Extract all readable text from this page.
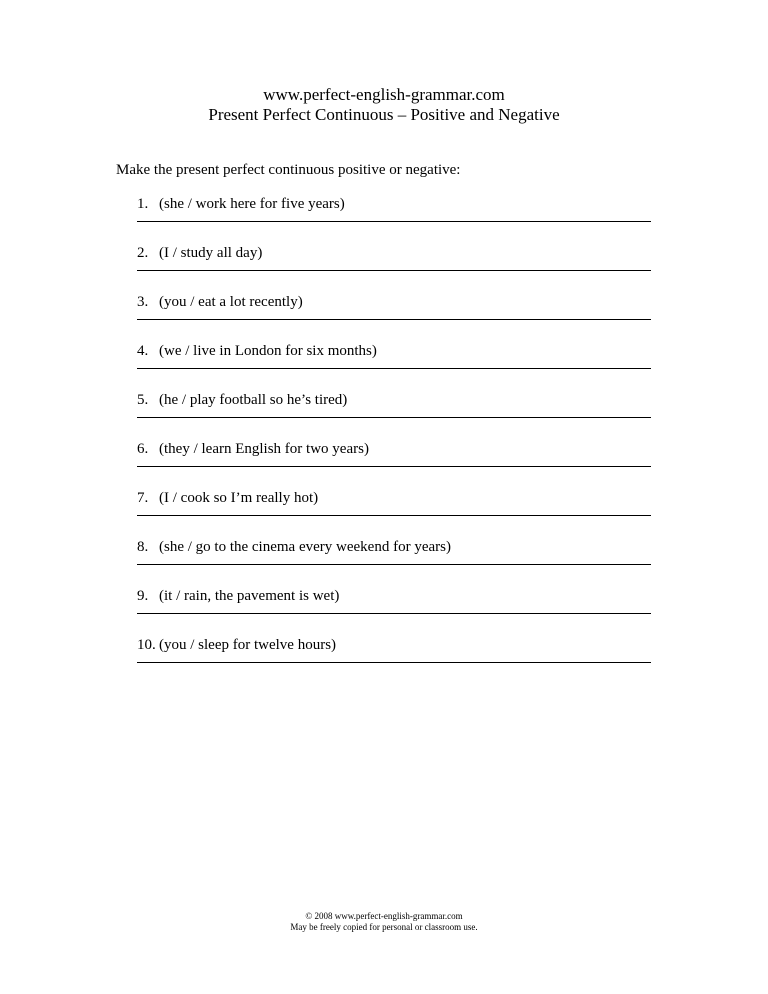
www.perfect-english-grammar.com
Present Perfect Continuous – Positive and Negative
Make the present perfect continuous positive or negative:
1. (she / work here for five years)
2. (I / study all day)
3. (you / eat a lot recently)
4. (we / live in London for six months)
5. (he / play football so he’s tired)
6. (they / learn English for two years)
7. (I / cook so I’m really hot)
8. (she / go to the cinema every weekend for years)
9. (it / rain, the pavement is wet)
10. (you / sleep for twelve hours)
© 2008 www.perfect-english-grammar.com
May be freely copied for personal or classroom use.
